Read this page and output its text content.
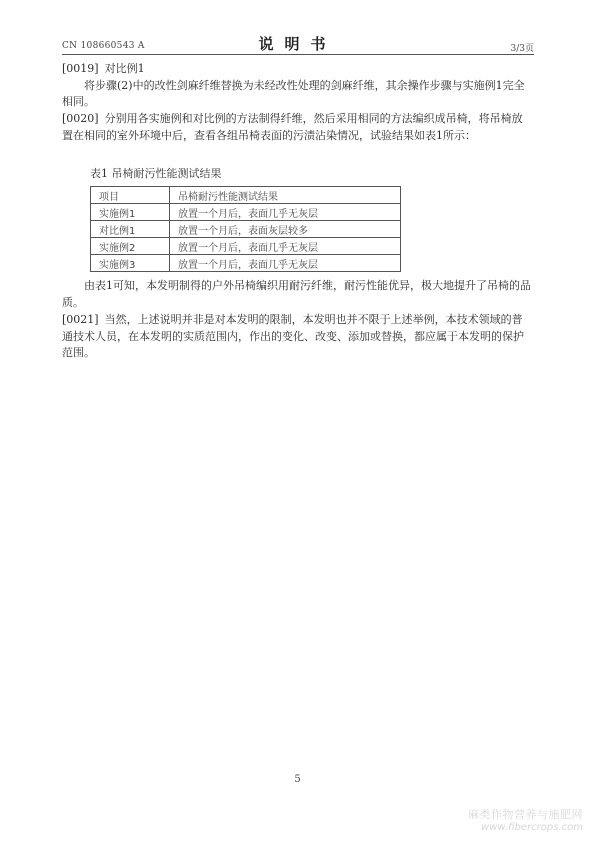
CN 108660543 A	说明书	3/3页

[0019] 对比例1

将步骤(2)中的改性剑麻纤维替换为未经改性处理的剑麻纤维，其余操作步骤与实施例1完全相同。

[0020] 分别用各实施例和对比例的方法制得纤维，然后采用相同的方法编织成吊椅，将吊椅放置在相同的室外环境中后，查看各组吊椅表面的污渍沾染情况，试验结果如表1所示：

表1 吊椅耐污性能测试结果
项目	吊椅耐污性能测试结果
实施例1	放置一个月后，表面几乎无灰层
对比例1	放置一个月后，表面灰层较多
实施例2	放置一个月后，表面几乎无灰层
实施例3	放置一个月后，表面几乎无灰层

由表1可知，本发明制得的户外吊椅编织用耐污纤维，耐污性能优异，极大地提升了吊椅的品质。

[0021] 当然，上述说明并非是对本发明的限制，本发明也并不限于上述举例，本技术领域的普通技术人员，在本发明的实质范围内，作出的变化、改变、添加或替换，都应属于本发明的保护范围。

5
麻类作物营养与施肥网
www.fibercrops.com
